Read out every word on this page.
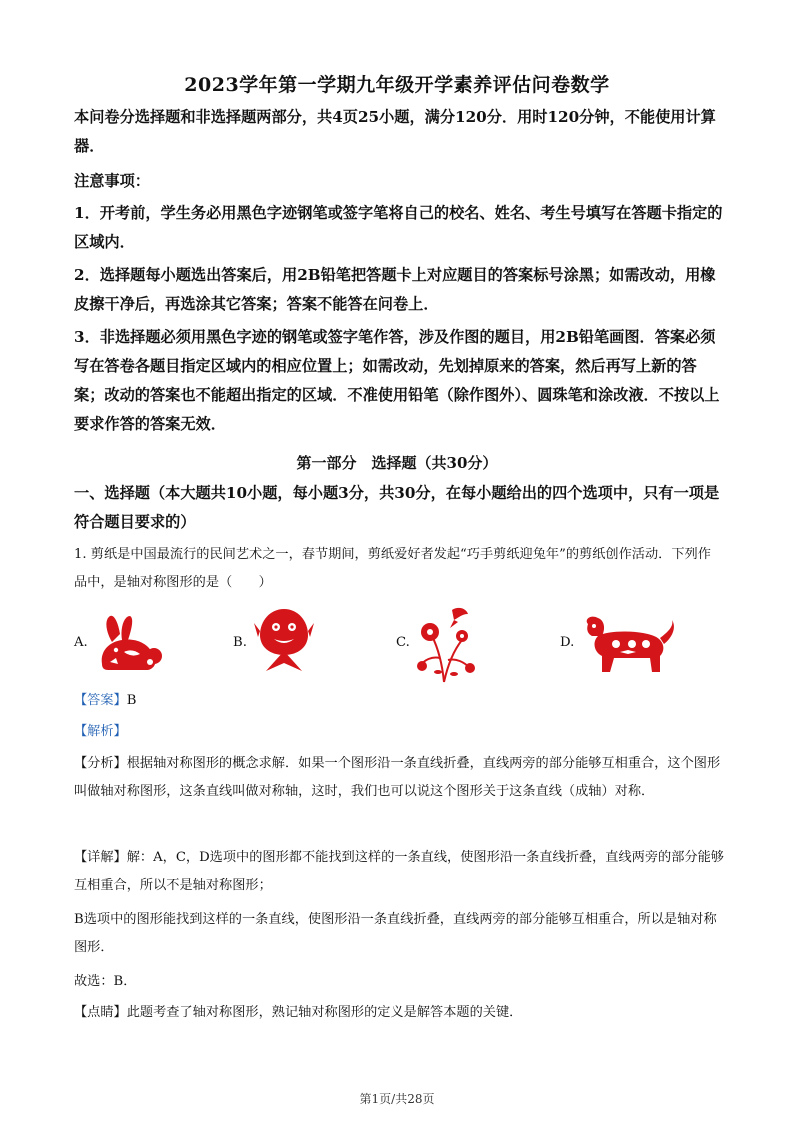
2023学年第一学期九年级开学素养评估问卷数学
本问卷分选择题和非选择题两部分，共4页25小题，满分120分．用时120分钟，不能使用计算器．
注意事项：
1．开考前，学生务必用黑色字迹钢笔或签字笔将自己的校名、姓名、考生号填写在答题卡指定的区域内．
2．选择题每小题选出答案后，用2B铅笔把答题卡上对应题目的答案标号涂黑；如需改动，用橡皮擦干净后，再选涂其它答案；答案不能答在问卷上．
3．非选择题必须用黑色字迹的钢笔或签字笔作答，涉及作图的题目，用2B铅笔画图．答案必须写在答卷各题目指定区域内的相应位置上；如需改动，先划掉原来的答案，然后再写上新的答案；改动的答案也不能超出指定的区域．不准使用铅笔（除作图外）、圆珠笔和涂改液．不按以上要求作答的答案无效．
第一部分　选择题（共30分）
一、选择题（本大题共10小题，每小题3分，共30分，在每小题给出的四个选项中，只有一项是符合题目要求的）
1. 剪纸是中国最流行的民间艺术之一，春节期间，剪纸爱好者发起“巧手剪纸迎兔年”的剪纸创作活动．下列作品中，是轴对称图形的是（　　）
A.	B.	C.	D.
【答案】B
【解析】
【分析】根据轴对称图形的概念求解．如果一个图形沿一条直线折叠，直线两旁的部分能够互相重合，这个图形叫做轴对称图形，这条直线叫做对称轴，这时，我们也可以说这个图形关于这条直线（成轴）对称．
【详解】解：A，C，D选项中的图形都不能找到这样的一条直线，使图形沿一条直线折叠，直线两旁的部分能够互相重合，所以不是轴对称图形；
B选项中的图形能找到这样的一条直线，使图形沿一条直线折叠，直线两旁的部分能够互相重合，所以是轴对称图形．
故选：B．
【点睛】此题考查了轴对称图形，熟记轴对称图形的定义是解答本题的关键．
第1页/共28页
